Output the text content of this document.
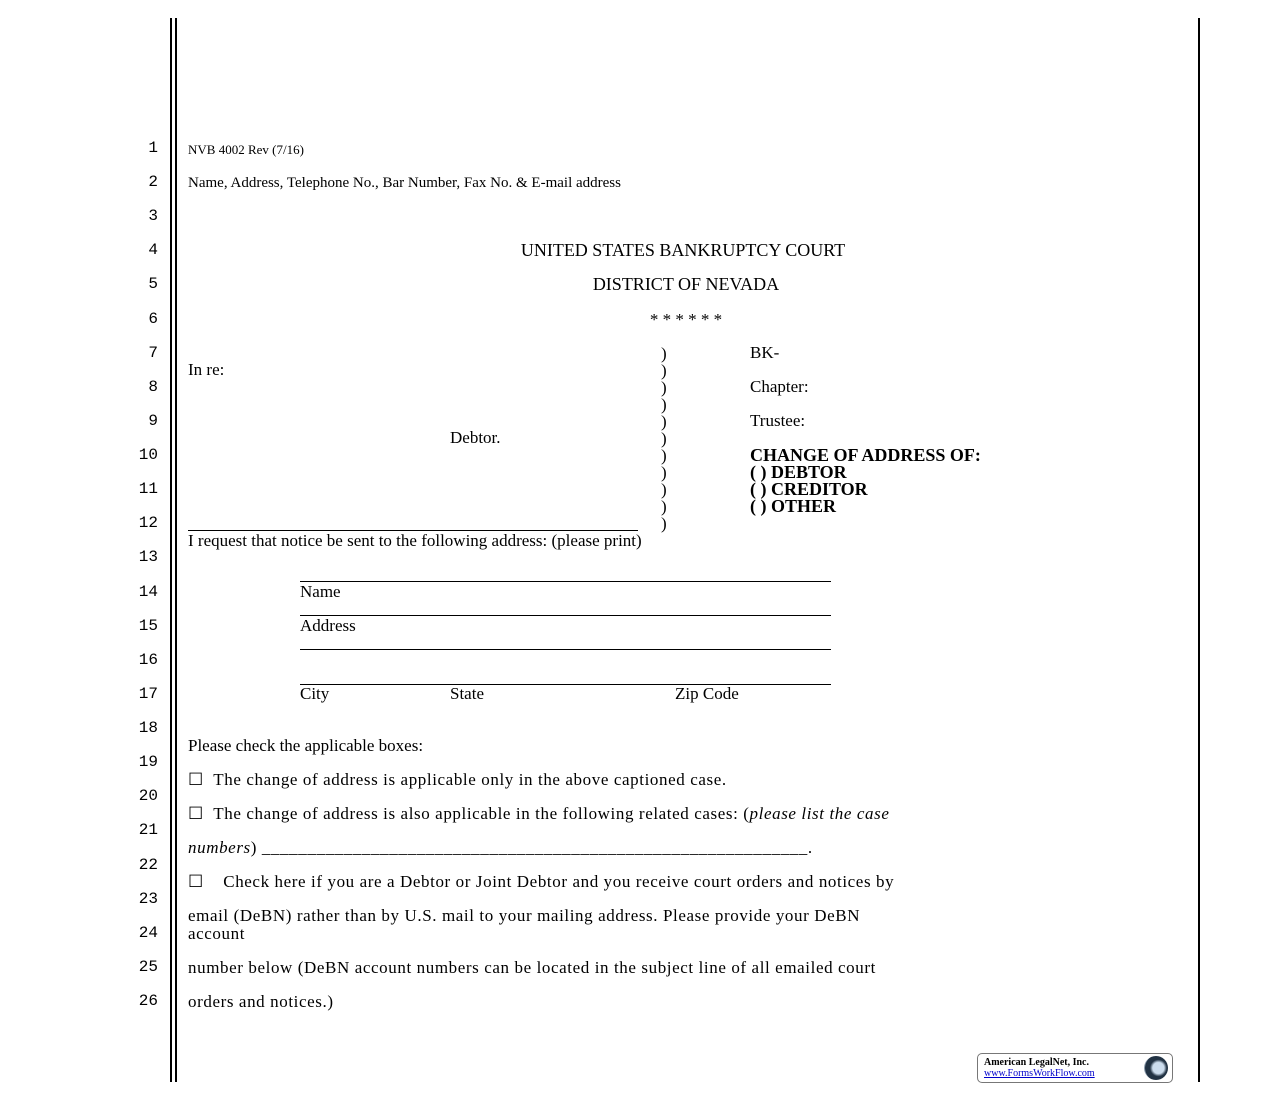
1
2
3
4
5
6
7
8
9
10
11
12
13
14
15
16
17
18
19
20
21
22
23
24
25
26
NVB 4002 Rev (7/16)
Name, Address, Telephone No., Bar Number, Fax No. & E-mail address
UNITED STATES BANKRUPTCY COURT
DISTRICT OF NEVADA
* * * * * *
In re:
Debtor.
)
)
)
)
)
)
)
)
)
)
)
BK-
Chapter:
Trustee:
CHANGE OF ADDRESS OF:
( ) DEBTOR
( ) CREDITOR
( ) OTHER
I request that notice be sent to the following address: (please print)
Name
Address
City	State	Zip Code
Please check the applicable boxes:
☐ The change of address is applicable only in the above captioned case.
☐ The change of address is also applicable in the following related cases: (please list the case
numbers) ____________________________________________________________.
☐ Check here if you are a Debtor or Joint Debtor and you receive court orders and notices by
email (DeBN) rather than by U.S. mail to your mailing address. Please provide your DeBN
account
number below (DeBN account numbers can be located in the subject line of all emailed court
orders and notices.)
American LegalNet, Inc.
www.FormsWorkFlow.com
